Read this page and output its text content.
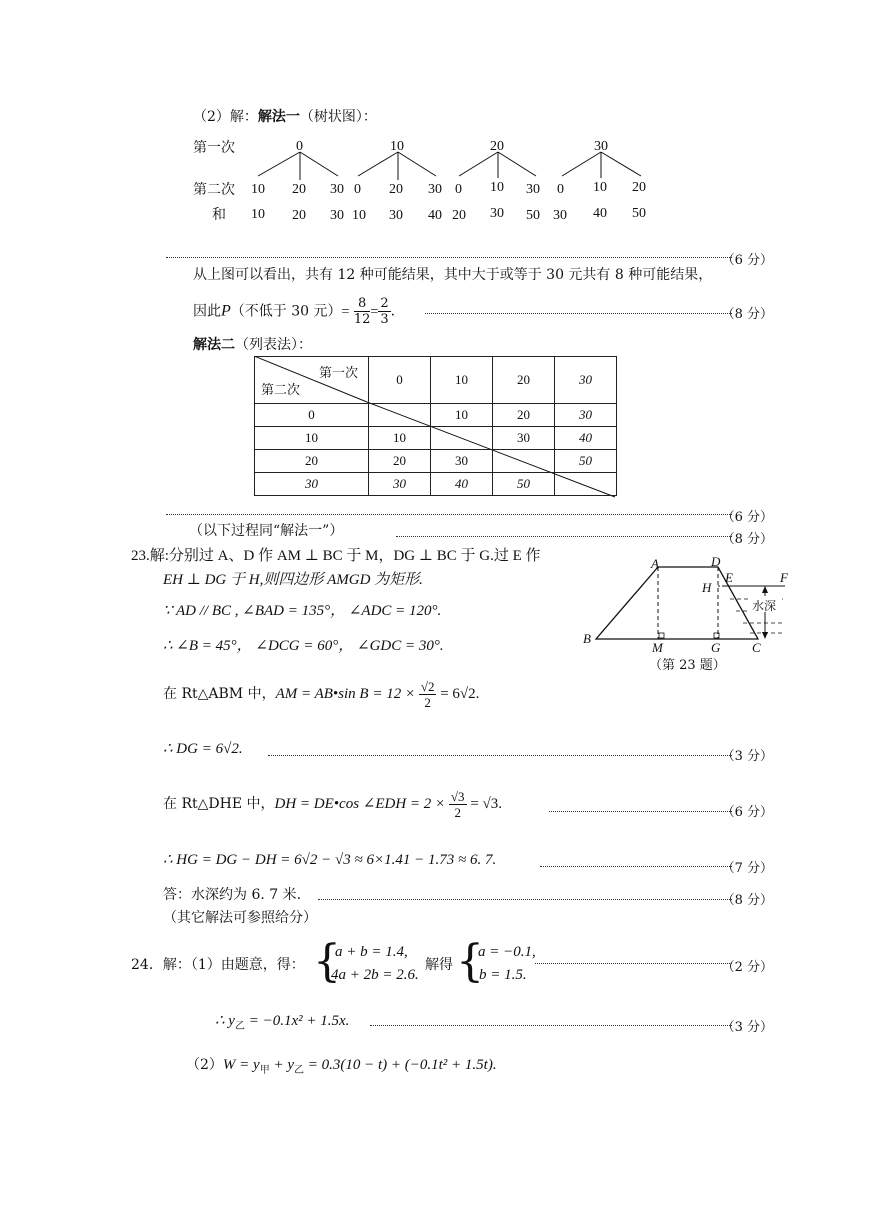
（2）解：解法一（树状图）：
第一次
第二次
和
0	10	20	30
10 20 30 0 20 30 0 10 30 0 10 20
10 20 30 10 30 40 20 30 50 30 40 50
（6 分）
从上图可以看出，共有 12 种可能结果，其中大于或等于 30 元共有 8 种可能结果，
因此P（不低于 30 元）= $\frac{8}{12} = \frac{2}{3}$ .	（8 分）
解法二（列表法）：
第一次
第二次	0	10	20	30
0		10	20	30
10	10		30	40
20	20	30		50
30	30	40	50	
（6 分）
（以下过程同“解法一”）
（8 分）
23.解:分别过 A、D 作 AM ⊥ BC 于 M，DG ⊥ BC 于 G.过 E 作
EH ⊥ DG 于 H,则四边形 AMGD 为矩形.
∵ AD // BC , ∠BAD = 135°， ∠ADC = 120°.
∴ ∠B = 45°， ∠DCG = 60°， ∠GDC = 30°.
在 Rt△ABM 中，AM = AB•sin $B = 12 \times \frac{√2}{2} = 6√2$.
∴ DG = 6√2.	（3 分）
在 Rt△DHE 中，DH = DE•cos ∠EDH = $2 \times \frac{√3}{2} = √3$.
（6 分）
∴ HG = DG − DH = 6√2 − √3 ≈ 6×1.41 − 1.73 ≈ 6. 7.
（7 分）
答：水深约为 6. 7 米.	（8 分）
（其它解法可参照给分）
A	D
H
E	F
B
M	G C
水深
（第 23 题）
24．解：（1）由题意，得： {
a + b = 1.4,
4a + 2b = 2.6.
解得 {
a = −0.1,
b = 1.5.	（2 分）
∴ $y_乙 = -0.1x^2 + 1.5x$.	（3 分）
$(2)W = y_甲 + y_乙 = 0.3(10 - t) + (-0.1t^2 + 1.5t)$.
